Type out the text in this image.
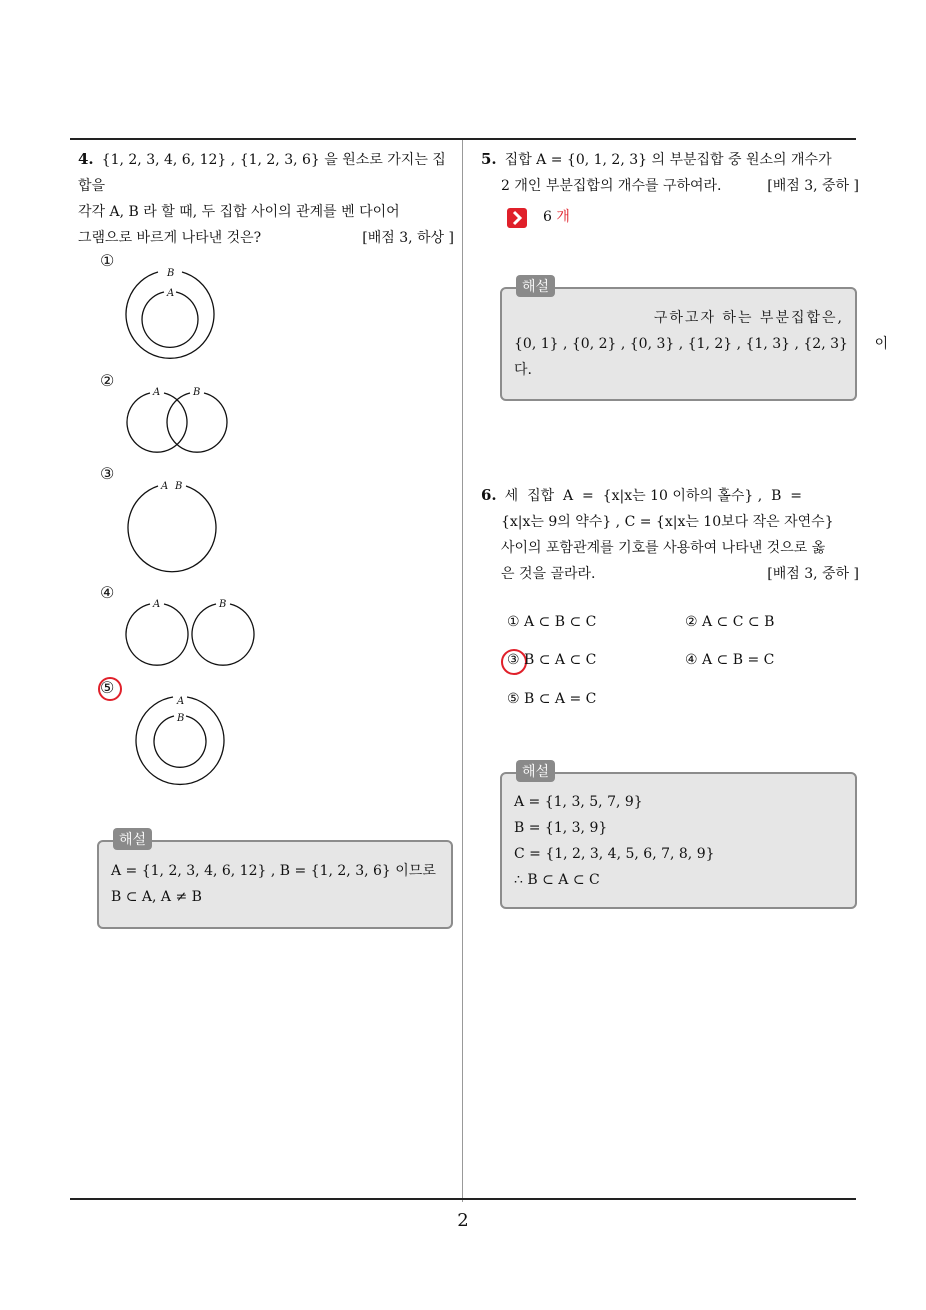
2
4. {1, 2, 3, 4, 6, 12} , {1, 2, 3, 6} 을 원소로 가지는 집합을
각각 A, B 라 할 때, 두 집합 사이의 관계를 벤 다이어
그램으로 바르게 나타낸 것은?	[배점 3, 하상 ]
①
B
A
②
A	B
③
A B
④
A	B
⑤
A
B
해설
A = {1, 2, 3, 4, 6, 12} , B = {1, 2, 3, 6} 이므로
B ⊂ A, A ≠ B
5. 집합 A = {0, 1, 2, 3} 의 부분집합 중 원소의 개수가
2 개인 부분집합의 개수를 구하여라.	[배점 3, 중하 ]
6 개
해설
구하고자 하는 부분집합은,
{0, 1} , {0, 2} , {0, 3} , {1, 2} , {1, 3} , {2, 3}      이
다.
6. 세  집합  A  =  {x|x는 10 이하의 홀수} ,  B  =
{x|x는 9의 약수} , C = {x|x는 10보다 작은 자연수}
사이의 포함관계를 기호를 사용하여 나타낸 것으로 옳
은 것을 골라라.	[배점 3, 중하 ]
① A ⊂ B ⊂ C	② A ⊂ C ⊂ B
③ B ⊂ A ⊂ C	④ A ⊂ B = C
⑤ B ⊂ A = C
해설
A = {1, 3, 5, 7, 9}
B = {1, 3, 9}
C = {1, 2, 3, 4, 5, 6, 7, 8, 9}
∴ B ⊂ A ⊂ C
